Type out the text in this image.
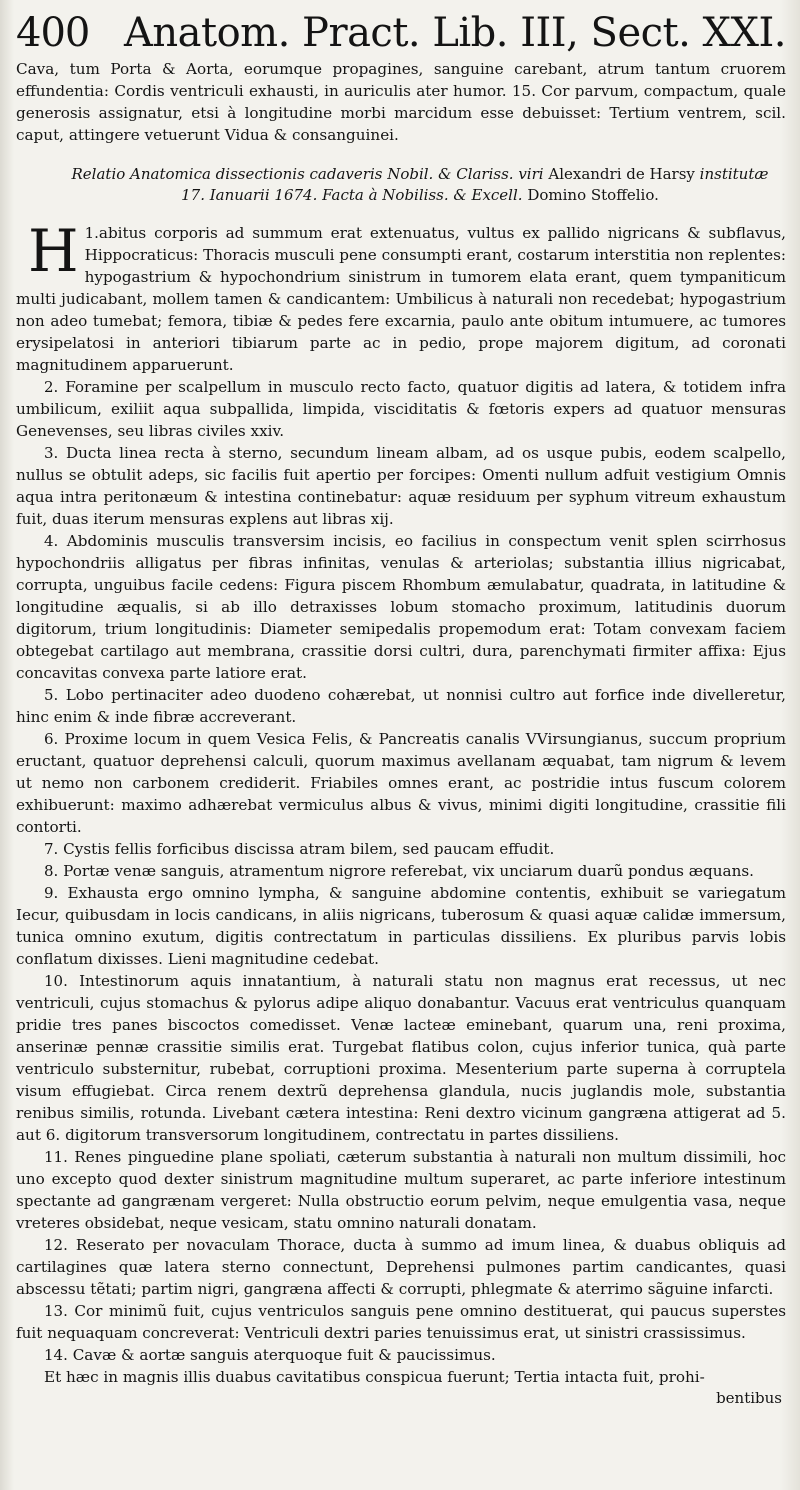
400 Anatom. Pract. Lib. III, Sect. XXI.

Cava, tum Porta & Aorta, eorumque propagines, sanguine carebant, atrum tantum cruorem effundentia: Cordis ventriculi exhausti, in auriculis ater humor. 15. Cor parvum, compactum, quale generosis assignatur, etsi à longitudine morbi marcidum esse debuisset: Tertium ventrem, scil. caput, attingere vetuerunt Vidua & consanguinei.

Relatio Anatomica dissectionis cadaveris Nobil. & Clariss. viri Alexandri de Harsy institutæ 17. Ianuarii 1674. Facta à Nobiliss. & Excell. Domino Stoffelio.

1.
H abitus corporis ad summum erat extenuatus, vultus ex pallido nigricans & subflavus, Hippocraticus: Thoracis musculi pene consumpti erant, costarum interstitia non replentes: hypogastrium & hypochondrium sinistrum in tumorem elata erant, quem tympaniticum multi judicabant, mollem tamen & candicantem: Umbilicus à naturali non recedebat; hypogastrium non adeo tumebat; femora, tibiæ & pedes fere excarnia, paulo ante obitum intumuere, ac tumores erysipelatosi in anteriori tibiarum parte ac in pedio, prope majorem digitum, ad coronati magnitudinem apparuerunt.

2. Foramine per scalpellum in musculo recto facto, quatuor digitis ad latera, & totidem infra umbilicum, exiliit aqua subpallida, limpida, visciditatis & fœtoris expers ad quatuor mensuras Genevenses, seu libras civiles xxiv.

3. Ducta linea recta à sterno, secundum lineam albam, ad os usque pubis, eodem scalpello, nullus se obtulit adeps, sic facilis fuit apertio per forcipes: Omenti nullum adfuit vestigium Omnis aqua intra peritonæum & intestina continebatur: aquæ residuum per syphum vitreum exhaustum fuit, duas iterum mensuras explens aut libras xij.

4. Abdominis musculis transversim incisis, eo facilius in conspectum venit splen scirrhosus hypochondriis alligatus per fibras infinitas, venulas & arteriolas; substantia illius nigricabat, corrupta, unguibus facile cedens: Figura piscem Rhombum æmulabatur, quadrata, in latitudine & longitudine æqualis, si ab illo detraxisses lobum stomacho proximum, latitudinis duorum digitorum, trium longitudinis: Diameter semipedalis propemodum erat: Totam convexam faciem obtegebat cartilago aut membrana, crassitie dorsi cultri, dura, parenchymati firmiter affixa: Ejus concavitas convexa parte latiore erat.

5. Lobo pertinaciter adeo duodeno cohærebat, ut nonnisi cultro aut forfice inde divelleretur, hinc enim & inde fibræ accreverant.

6. Proxime locum in quem Vesica Felis, & Pancreatis canalis VVirsungianus, succum proprium eructant, quatuor deprehensi calculi, quorum maximus avellanam æquabat, tam nigrum & levem ut nemo non carbonem crediderit. Friabiles omnes erant, ac postridie intus fuscum colorem exhibuerunt: maximo adhærebat vermiculus albus & vivus, minimi digiti longitudine, crassitie fili contorti.

7. Cystis fellis forficibus discissa atram bilem, sed paucam effudit.

8. Portæ venæ sanguis, atramentum nigrore referebat, vix unciarum duarũ pondus æquans.

9. Exhausta ergo omnino lympha, & sanguine abdomine contentis, exhibuit se variegatum Iecur, quibusdam in locis candicans, in aliis nigricans, tuberosum & quasi aquæ calidæ immersum, tunica omnino exutum, digitis contrectatum in particulas dissiliens. Ex pluribus parvis lobis conflatum dixisses. Lieni magnitudine cedebat.

10. Intestinorum aquis innatantium, à naturali statu non magnus erat recessus, ut nec ventriculi, cujus stomachus & pylorus adipe aliquo donabantur. Vacuus erat ventriculus quanquam pridie tres panes biscoctos comedisset. Venæ lacteæ eminebant, quarum una, reni proxima, anserinæ pennæ crassitie similis erat. Turgebat flatibus colon, cujus inferior tunica, quà parte ventriculo substernitur, rubebat, corruptioni proxima. Mesenterium parte superna à corruptela visum effugiebat. Circa renem dextrũ deprehensa glandula, nucis juglandis mole, substantia renibus similis, rotunda. Livebant cætera intestina: Reni dextro vicinum gangræna attigerat ad 5. aut 6. digitorum transversorum longitudinem, contrectatu in partes dissiliens.

11. Renes pinguedine plane spoliati, cæterum substantia à naturali non multum dissimili, hoc uno excepto quod dexter sinistrum magnitudine multum superaret, ac parte inferiore intestinum spectante ad gangrænam vergeret: Nulla obstructio eorum pelvim, neque emulgentia vasa, neque vreteres obsidebat, neque vesicam, statu omnino naturali donatam.

12. Reserato per novaculam Thorace, ducta à summo ad imum linea, & duabus obliquis ad cartilagines quæ latera sterno connectunt, Deprehensi pulmones partim candicantes, quasi abscessu tẽtati; partim nigri, gangræna affecti & corrupti, phlegmate & aterrimo sãguine infarcti.

13. Cor minimũ fuit, cujus ventriculos sanguis pene omnino destituerat, qui paucus superstes fuit nequaquam concreverat: Ventriculi dextri paries tenuissimus erat, ut sinistri crassissimus.

14. Cavæ & aortæ sanguis aterquoque fuit & paucissimus.

Et hæc in magnis illis duabus cavitatibus conspicua fuerunt; Tertia intacta fuit, prohi-

bentibus
